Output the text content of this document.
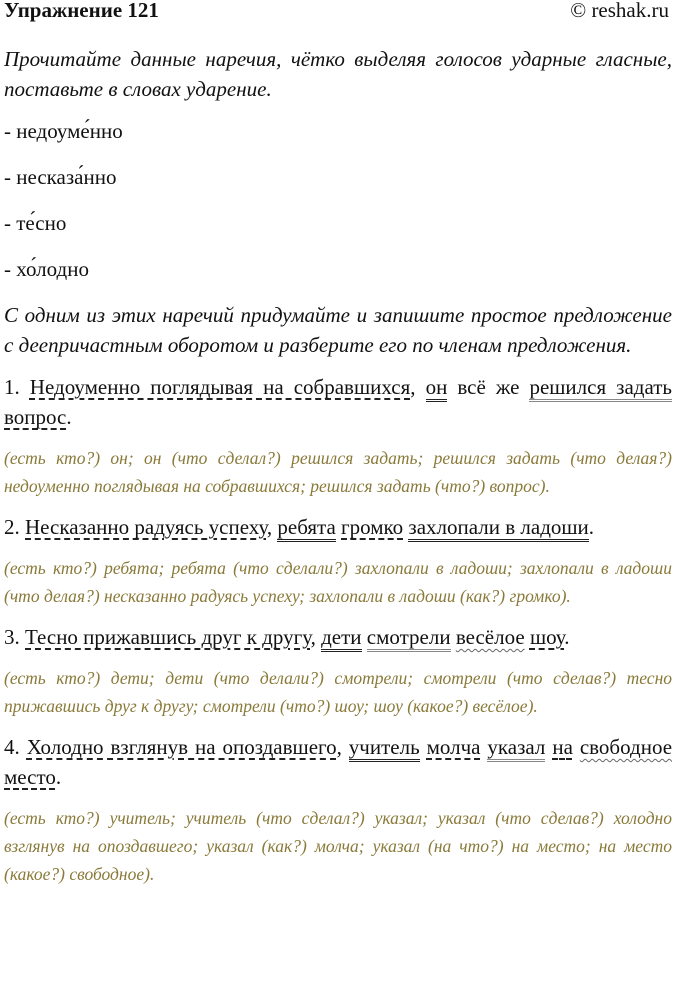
Упражнение 121	© reshak.ru

Прочитайте данные наречия, чётко выделяя голосов ударные гласные, поставьте в словах ударение.

- недоуме́нно

- несказа́нно

- те́сно

- хо́лодно

С одним из этих наречий придумайте и запишите простое предложение с деепричастным оборотом и разберите его по членам предложения.

1. Недоуменно поглядывая на собравшихся, он всё же решился задать вопрос.

(есть кто?) он; он (что сделал?) решился задать; решился задать (что делая?) недоуменно поглядывая на собравшихся; решился задать (что?) вопрос).

2. Несказанно радуясь успеху, ребята громко захлопали в ладоши.

(есть кто?) ребята; ребята (что сделали?) захлопали в ладоши; захлопали в ладоши (что делая?) несказанно радуясь успеху; захлопали в ладоши (как?) громко).

3. Тесно прижавшись друг к другу, дети смотрели весёлое шоу.

(есть кто?) дети; дети (что делали?) смотрели; смотрели (что сделав?) тесно прижавшись друг к другу; смотрели (что?) шоу; шоу (какое?) весёлое).

4. Холодно взглянув на опоздавшего, учитель молча указал на свободное место.

(есть кто?) учитель; учитель (что сделал?) указал; указал (что сделав?) холодно взглянув на опоздавшего; указал (как?) молча; указал (на что?) на место; на место (какое?) свободное).
